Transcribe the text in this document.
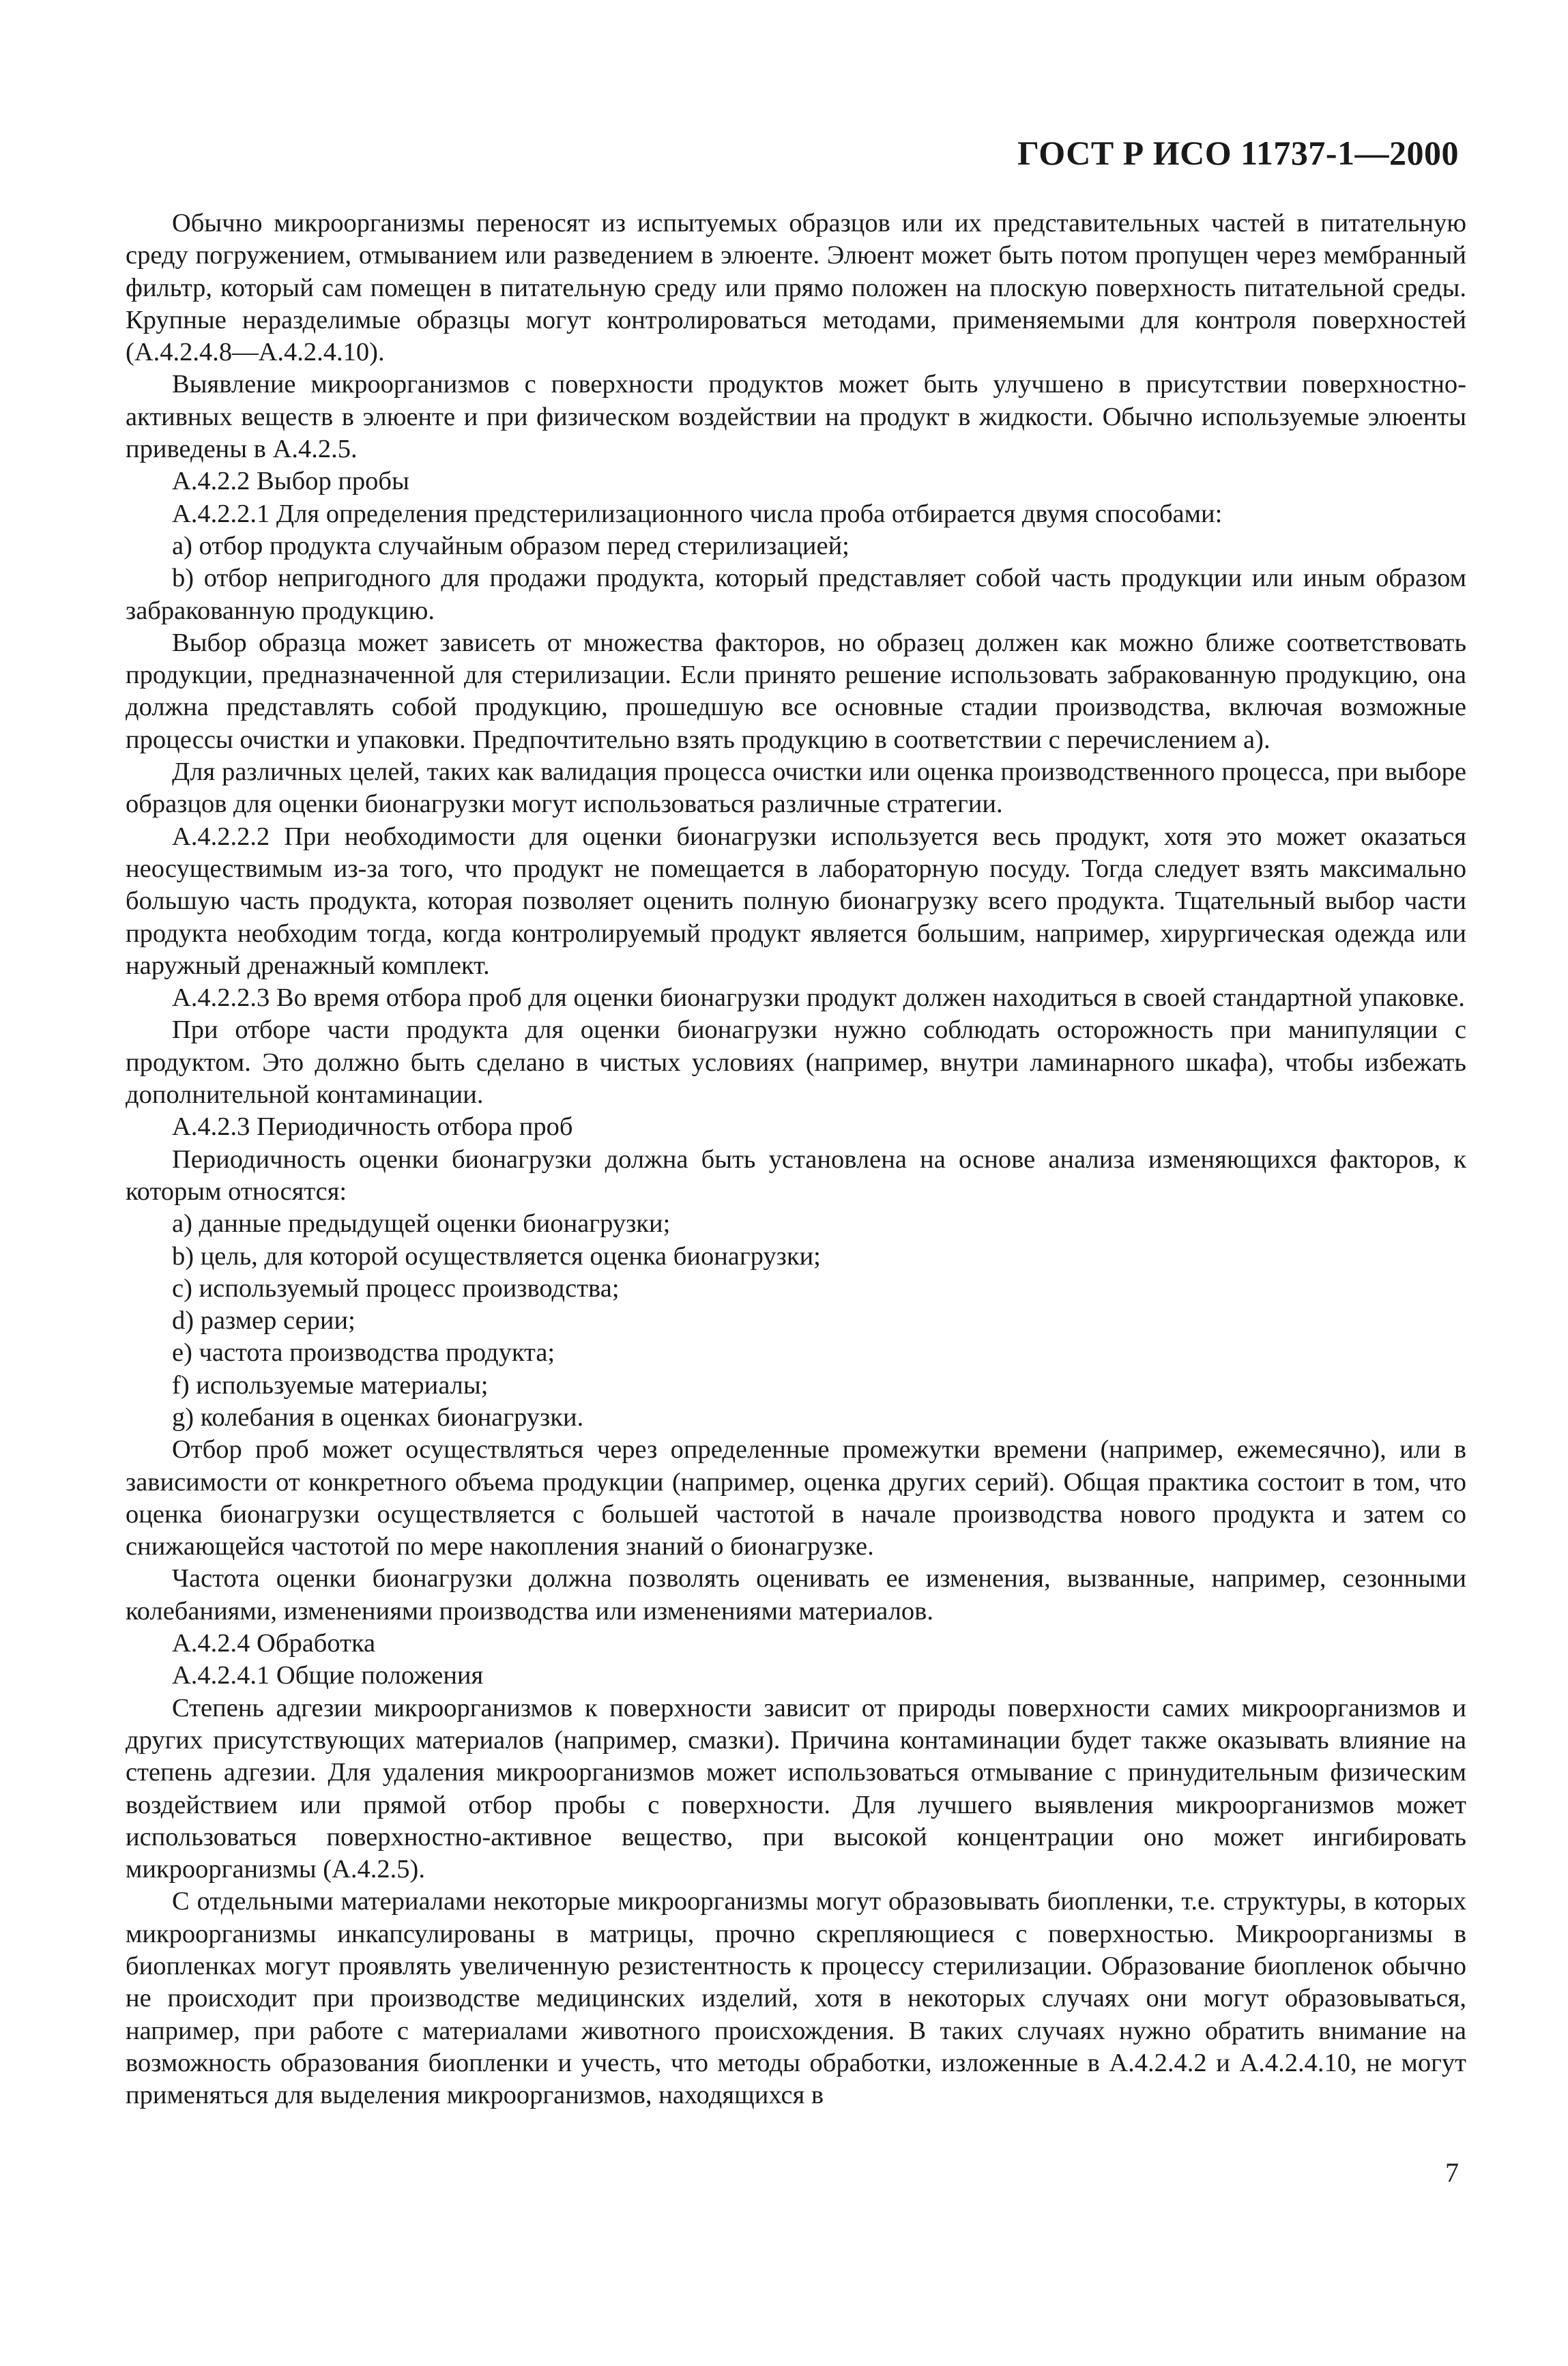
ГОСТ Р ИСО 11737-1—2000

Обычно микроорганизмы переносят из испытуемых образцов или их представительных частей в питательную среду погружением, отмыванием или разведением в элюенте. Элюент может быть потом пропущен через мембранный фильтр, который сам помещен в питательную среду или прямо положен на плоскую поверхность питательной среды. Крупные неразделимые образцы могут контролироваться методами, применяемыми для контроля поверхностей (А.4.2.4.8—А.4.2.4.10).

Выявление микроорганизмов с поверхности продуктов может быть улучшено в присутствии поверхностно-активных веществ в элюенте и при физическом воздействии на продукт в жидкости. Обычно используемые элюенты приведены в А.4.2.5.

А.4.2.2 Выбор пробы

А.4.2.2.1 Для определения предстерилизационного числа проба отбирается двумя способами:

а) отбор продукта случайным образом перед стерилизацией;

b) отбор непригодного для продажи продукта, который представляет собой часть продукции или иным образом забракованную продукцию.

Выбор образца может зависеть от множества факторов, но образец должен как можно ближе соответствовать продукции, предназначенной для стерилизации. Если принято решение использовать забракованную продукцию, она должна представлять собой продукцию, прошедшую все основные стадии производства, включая возможные процессы очистки и упаковки. Предпочтительно взять продукцию в соответствии с перечислением а).

Для различных целей, таких как валидация процесса очистки или оценка производственного процесса, при выборе образцов для оценки бионагрузки могут использоваться различные стратегии.

А.4.2.2.2 При необходимости для оценки бионагрузки используется весь продукт, хотя это может оказаться неосуществимым из-за того, что продукт не помещается в лабораторную посуду. Тогда следует взять максимально большую часть продукта, которая позволяет оценить полную бионагрузку всего продукта. Тщательный выбор части продукта необходим тогда, когда контролируемый продукт является большим, например, хирургическая одежда или наружный дренажный комплект.

А.4.2.2.3 Во время отбора проб для оценки бионагрузки продукт должен находиться в своей стандартной упаковке.

При отборе части продукта для оценки бионагрузки нужно соблюдать осторожность при манипуляции с продуктом. Это должно быть сделано в чистых условиях (например, внутри ламинарного шкафа), чтобы избежать дополнительной контаминации.

А.4.2.3 Периодичность отбора проб

Периодичность оценки бионагрузки должна быть установлена на основе анализа изменяющихся факторов, к которым относятся:

а) данные предыдущей оценки бионагрузки;

b) цель, для которой осуществляется оценка бионагрузки;

c) используемый процесс производства;

d) размер серии;

e) частота производства продукта;

f) используемые материалы;

g) колебания в оценках бионагрузки.

Отбор проб может осуществляться через определенные промежутки времени (например, ежемесячно), или в зависимости от конкретного объема продукции (например, оценка других серий). Общая практика состоит в том, что оценка бионагрузки осуществляется с большей частотой в начале производства нового продукта и затем со снижающейся частотой по мере накопления знаний о бионагрузке.

Частота оценки бионагрузки должна позволять оценивать ее изменения, вызванные, например, сезонными колебаниями, изменениями производства или изменениями материалов.

А.4.2.4 Обработка

А.4.2.4.1 Общие положения

Степень адгезии микроорганизмов к поверхности зависит от природы поверхности самих микроорганизмов и других присутствующих материалов (например, смазки). Причина контаминации будет также оказывать влияние на степень адгезии. Для удаления микроорганизмов может использоваться отмывание с принудительным физическим воздействием или прямой отбор пробы с поверхности. Для лучшего выявления микроорганизмов может использоваться поверхностно-активное вещество, при высокой концентрации оно может ингибировать микроорганизмы (А.4.2.5).

С отдельными материалами некоторые микроорганизмы могут образовывать биопленки, т.е. структуры, в которых микроорганизмы инкапсулированы в матрицы, прочно скрепляющиеся с поверхностью. Микроорганизмы в биопленках могут проявлять увеличенную резистентность к процессу стерилизации. Образование биопленок обычно не происходит при производстве медицинских изделий, хотя в некоторых случаях они могут образовываться, например, при работе с материалами животного происхождения. В таких случаях нужно обратить внимание на возможность образования биопленки и учесть, что методы обработки, изложенные в А.4.2.4.2 и А.4.2.4.10, не могут применяться для выделения микроорганизмов, находящихся в

7
